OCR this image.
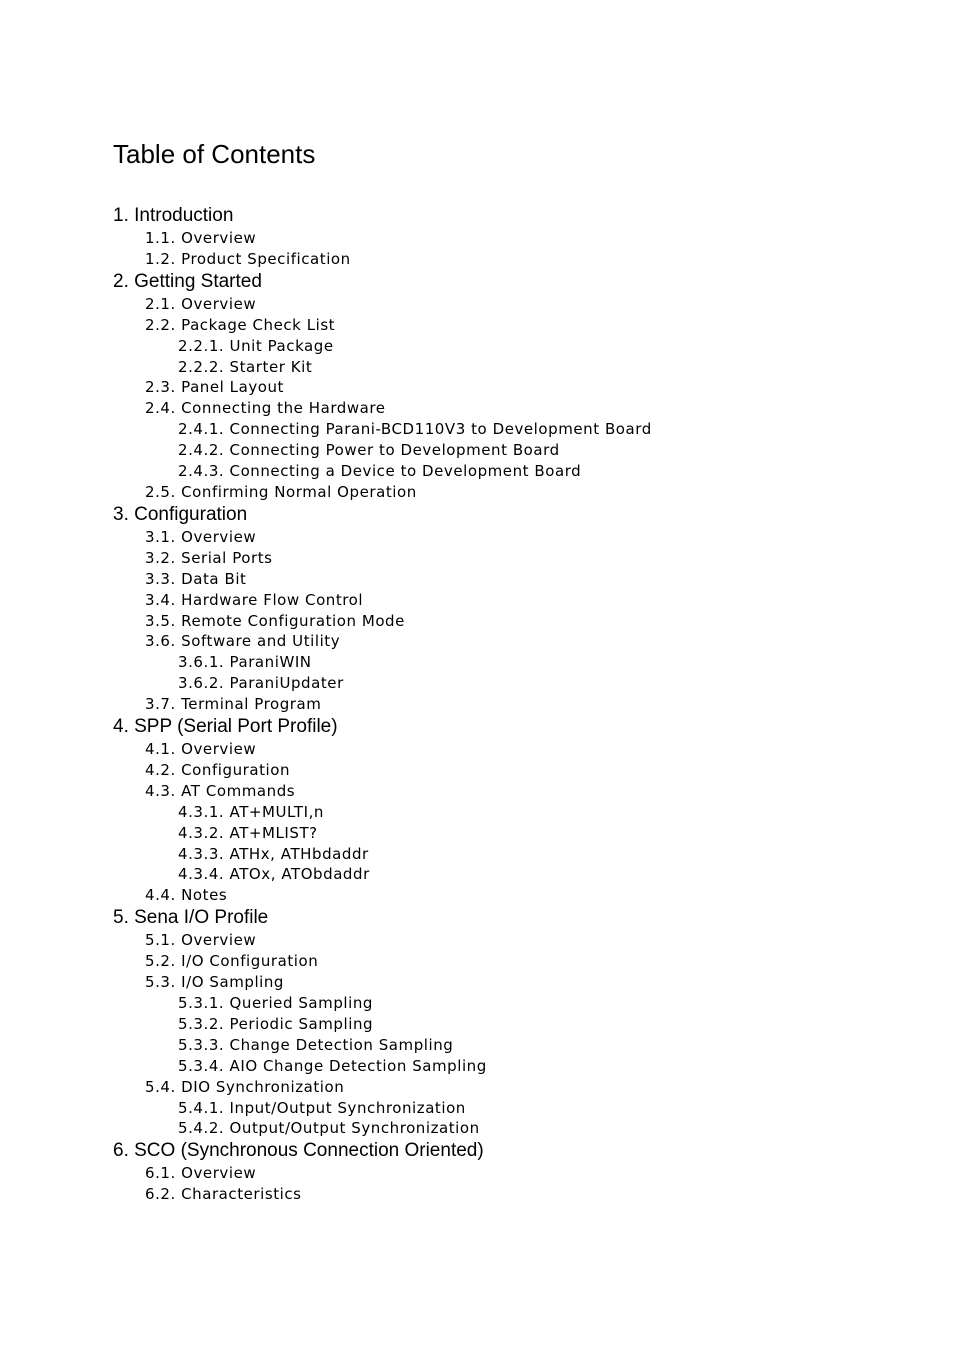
Table of Contents
1. Introduction
1.1. Overview
1.2. Product Specification
2. Getting Started
2.1. Overview
2.2. Package Check List
2.2.1. Unit Package
2.2.2. Starter Kit
2.3. Panel Layout
2.4. Connecting the Hardware
2.4.1. Connecting Parani-BCD110V3 to Development Board
2.4.2. Connecting Power to Development Board
2.4.3. Connecting a Device to Development Board
2.5. Confirming Normal Operation
3. Configuration
3.1. Overview
3.2. Serial Ports
3.3. Data Bit
3.4. Hardware Flow Control
3.5. Remote Configuration Mode
3.6. Software and Utility
3.6.1. ParaniWIN
3.6.2. ParaniUpdater
3.7. Terminal Program
4. SPP (Serial Port Profile)
4.1. Overview
4.2. Configuration
4.3. AT Commands
4.3.1. AT+MULTI,n
4.3.2. AT+MLIST?
4.3.3. ATHx, ATHbdaddr
4.3.4. ATOx, ATObdaddr
4.4. Notes
5. Sena I/O Profile
5.1. Overview
5.2. I/O Configuration
5.3. I/O Sampling
5.3.1. Queried Sampling
5.3.2. Periodic Sampling
5.3.3. Change Detection Sampling
5.3.4. AIO Change Detection Sampling
5.4. DIO Synchronization
5.4.1. Input/Output Synchronization
5.4.2. Output/Output Synchronization
6. SCO (Synchronous Connection Oriented)
6.1. Overview
6.2. Characteristics
